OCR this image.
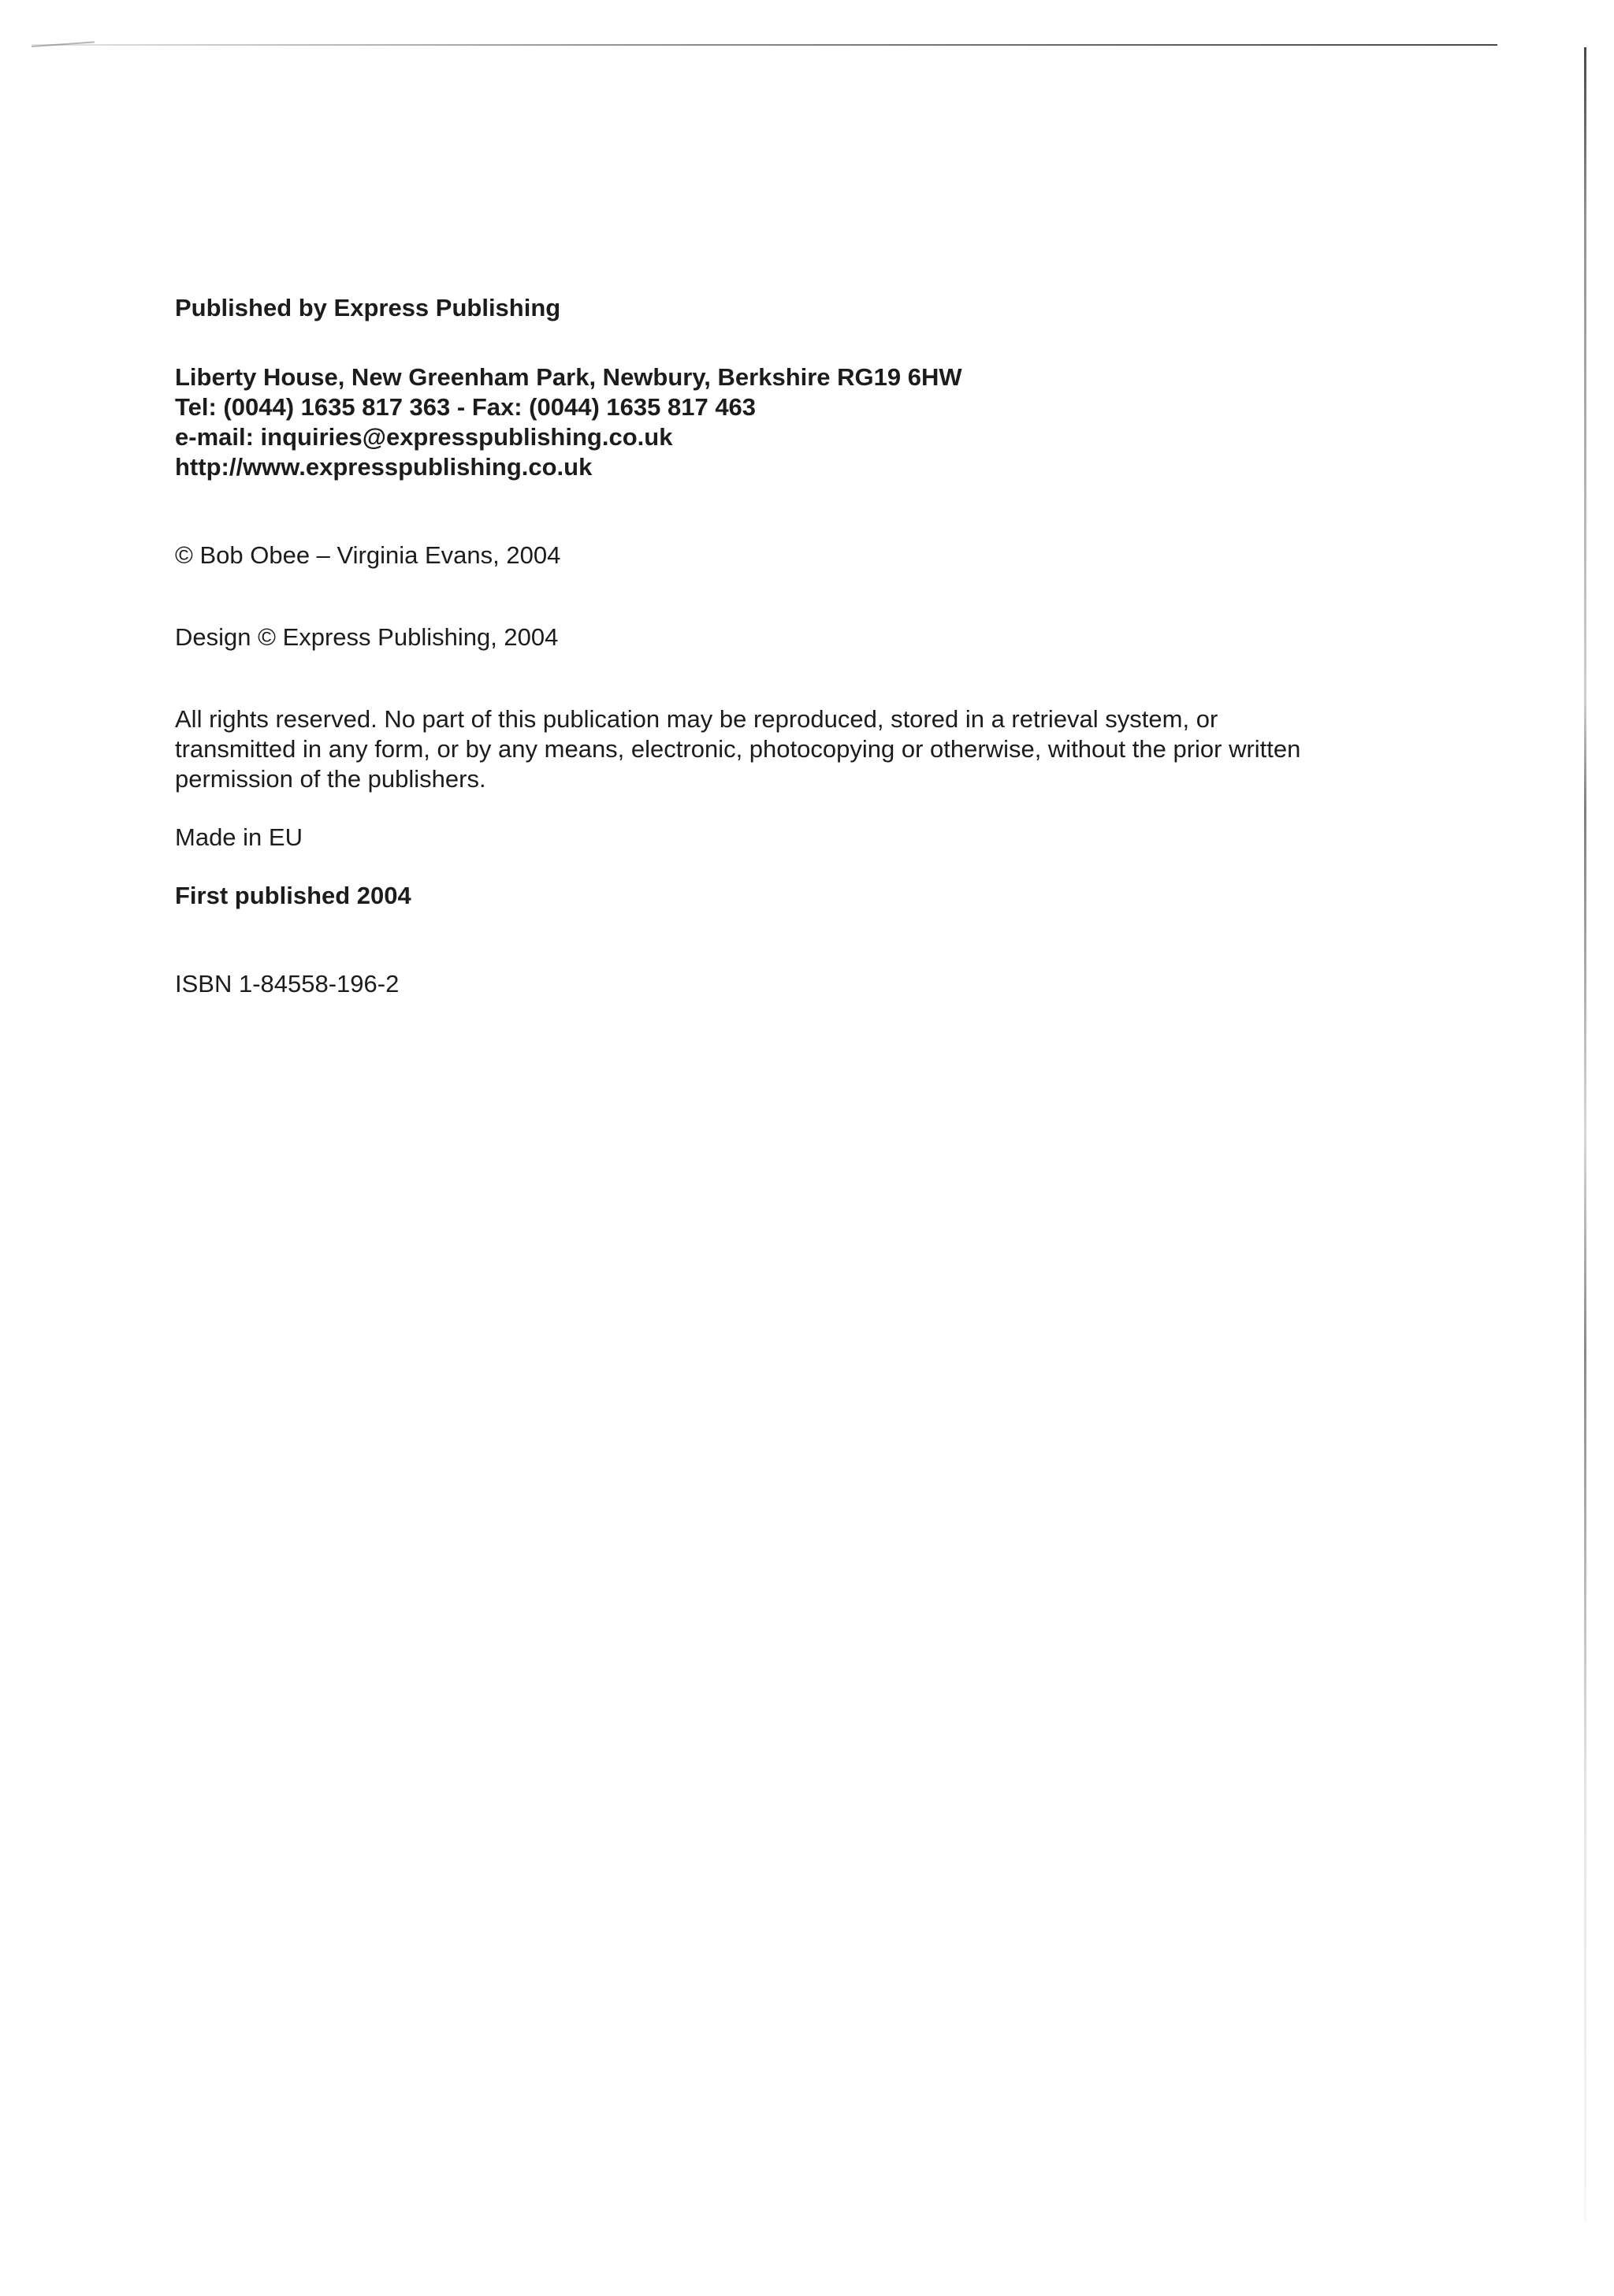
Published by Express Publishing

Liberty House, New Greenham Park, Newbury, Berkshire RG19 6HW

Tel: (0044) 1635 817 363 - Fax: (0044) 1635 817 463

e-mail: inquiries@expresspublishing.co.uk

http://www.expresspublishing.co.uk

© Bob Obee – Virginia Evans, 2004

Design © Express Publishing, 2004

All rights reserved. No part of this publication may be reproduced, stored in a retrieval system, or transmitted in any form, or by any means, electronic, photocopying or otherwise, without the prior written permission of the publishers.

Made in EU

First published 2004

ISBN 1-84558-196-2
